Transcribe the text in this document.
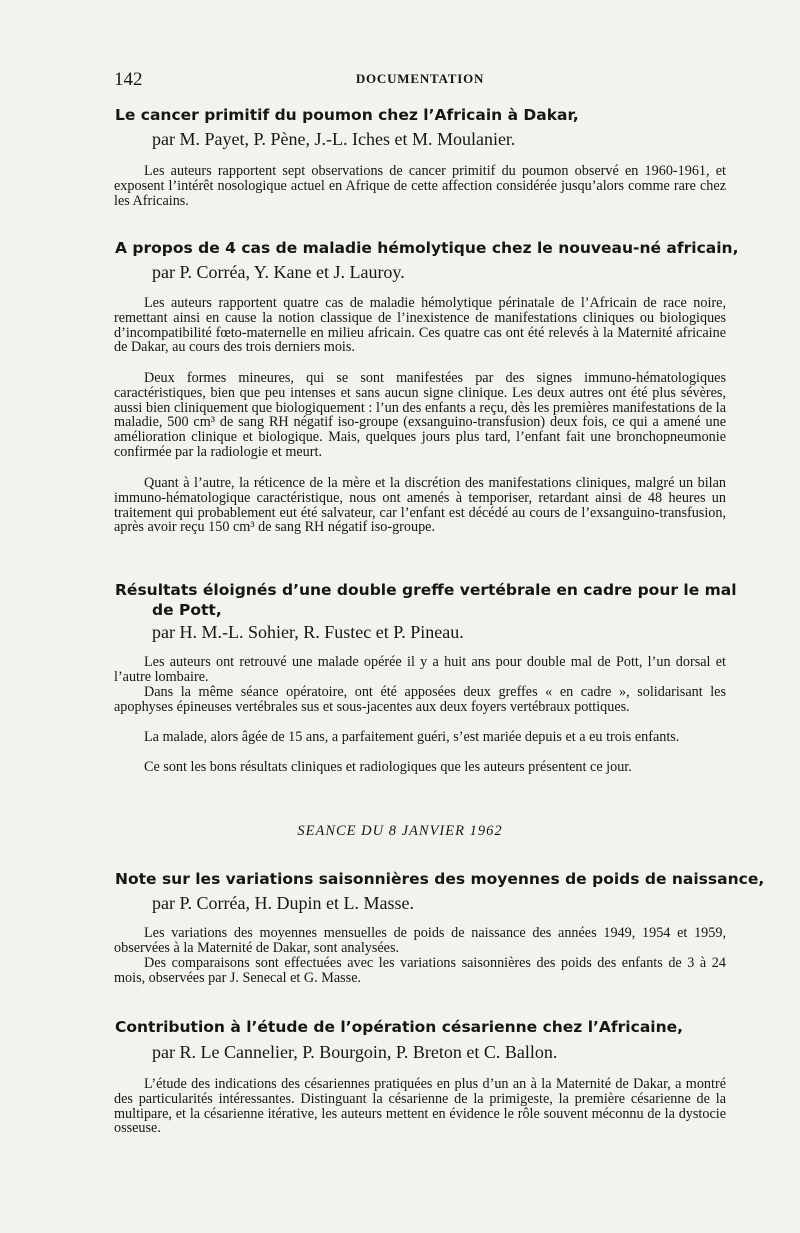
142	DOCUMENTATION
Le cancer primitif du poumon chez l’Africain à Dakar,
par M. Payet, P. Pène, J.-L. Iches et M. Moulanier.

Les auteurs rapportent sept observations de cancer primitif du poumon observé en 1960-1961, et exposent l’intérêt nosologique actuel en Afrique de cette affection considérée jusqu’alors comme rare chez les Africains.

A propos de 4 cas de maladie hémolytique chez le nouveau-né africain,
par P. Corréa, Y. Kane et J. Lauroy.

Les auteurs rapportent quatre cas de maladie hémolytique périnatale de l’Africain de race noire, remettant ainsi en cause la notion classique de l’inexistence de manifestations cliniques ou biologiques d’incompatibilité fœto-maternelle en milieu africain. Ces quatre cas ont été relevés à la Maternité africaine de Dakar, au cours des trois derniers mois.

Deux formes mineures, qui se sont manifestées par des signes immuno-hématologiques caractéristiques, bien que peu intenses et sans aucun signe clinique. Les deux autres ont été plus sévères, aussi bien cliniquement que biologiquement : l’un des enfants a reçu, dès les premières manifestations de la maladie, 500 cm³ de sang RH négatif iso-groupe (exsanguino-transfusion) deux fois, ce qui a amené une amélioration clinique et biologique. Mais, quelques jours plus tard, l’enfant fait une bronchopneumonie confirmée par la radiologie et meurt.

Quant à l’autre, la réticence de la mère et la discrétion des manifestations cliniques, malgré un bilan immuno-hématologique caractéristique, nous ont amenés à temporiser, retardant ainsi de 48 heures un traitement qui probablement eut été salvateur, car l’enfant est décédé au cours de l’exsanguino-transfusion, après avoir reçu 150 cm³ de sang RH négatif iso-groupe.

Résultats éloignés d’une double greffe vertébrale en cadre pour le mal
de Pott,
par H. M.-L. Sohier, R. Fustec et P. Pineau.

Les auteurs ont retrouvé une malade opérée il y a huit ans pour double mal de Pott, l’un dorsal et l’autre lombaire.

Dans la même séance opératoire, ont été apposées deux greffes « en cadre », solidarisant les apophyses épineuses vertébrales sus et sous-jacentes aux deux foyers vertébraux pottiques.

La malade, alors âgée de 15 ans, a parfaitement guéri, s’est mariée depuis et a eu trois enfants.

Ce sont les bons résultats cliniques et radiologiques que les auteurs présentent ce jour.

SEANCE DU 8 JANVIER 1962
Note sur les variations saisonnières des moyennes de poids de naissance,
par P. Corréa, H. Dupin et L. Masse.

Les variations des moyennes mensuelles de poids de naissance des années 1949, 1954 et 1959, observées à la Maternité de Dakar, sont analysées.

Des comparaisons sont effectuées avec les variations saisonnières des poids des enfants de 3 à 24 mois, observées par J. Senecal et G. Masse.

Contribution à l’étude de l’opération césarienne chez l’Africaine,
par R. Le Cannelier, P. Bourgoin, P. Breton et C. Ballon.

L’étude des indications des césariennes pratiquées en plus d’un an à la Maternité de Dakar, a montré des particularités intéressantes. Distinguant la césarienne de la primigeste, la première césarienne de la multipare, et la césarienne itérative, les auteurs mettent en évidence le rôle souvent méconnu de la dystocie osseuse.
